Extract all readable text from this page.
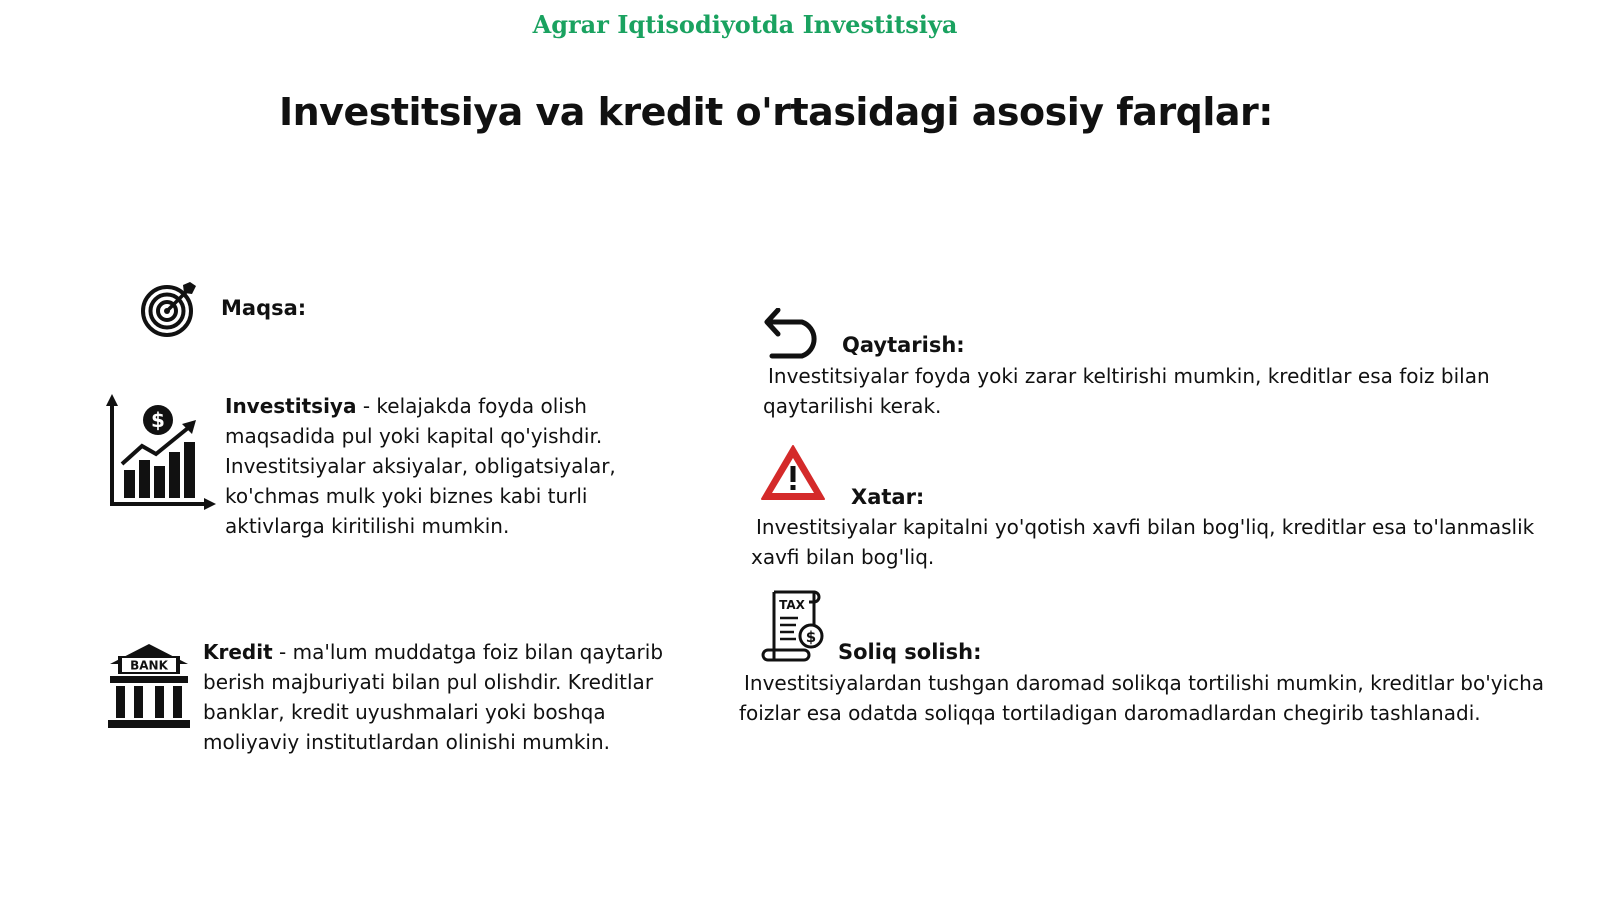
Agrar Iqtisodiyotda Investitsiya
Investitsiya va kredit o'rtasidagi asosiy farqlar:
Maqsa:
$
Investitsiya - kelajakda foyda olish maqsadida pul yoki kapital qo'yishdir. Investitsiyalar aksiyalar, obligatsiyalar, ko'chmas mulk yoki biznes kabi turli aktivlarga kiritilishi mumkin.
BANK
Kredit - ma'lum muddatga foiz bilan qaytarib berish majburiyati bilan pul olishdir. Kreditlar banklar, kredit uyushmalari yoki boshqa moliyaviy institutlardan olinishi mumkin.
Qaytarish:
Investitsiyalar foyda yoki zarar keltirishi mumkin, kreditlar esa foiz bilan qaytarilishi kerak.
Xatar:
Investitsiyalar kapitalni yo'qotish xavfi bilan bog'liq, kreditlar esa to'lanmaslik xavfi bilan bog'liq.
TAX
$
Soliq solish:
Investitsiyalardan tushgan daromad solikqa tortilishi mumkin, kreditlar bo'yicha foizlar esa odatda soliqqa tortiladigan daromadlardan chegirib tashlanadi.
